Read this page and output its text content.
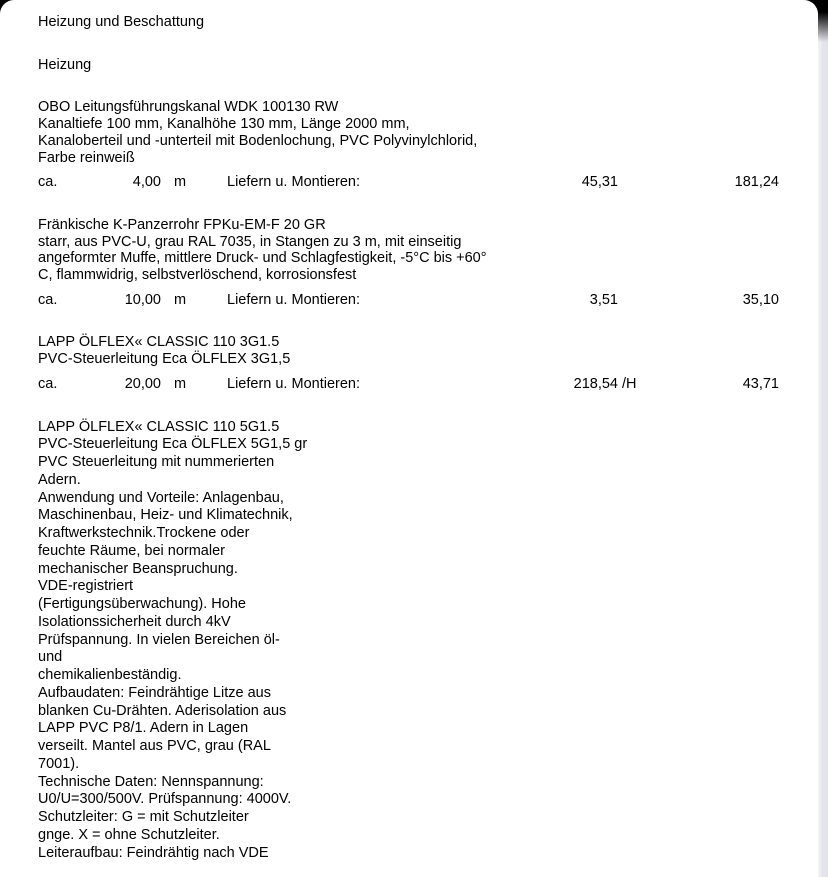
Heizung und Beschattung
Heizung
OBO Leitungsführungskanal WDK 100130 RW
Kanaltiefe 100 mm, Kanalhöhe 130 mm, Länge 2000 mm,
Kanaloberteil und -unterteil mit Bodenlochung, PVC Polyvinylchlorid,
Farbe reinweiß
ca.	4,00 m	Liefern u. Montieren:	45,31	181,24
Fränkische K-Panzerrohr FPKu-EM-F 20 GR
starr, aus PVC-U, grau RAL 7035, in Stangen zu 3 m, mit einseitig
angeformter Muffe, mittlere Druck- und Schlagfestigkeit, -5°C bis +60°
C, flammwidrig, selbstverlöschend, korrosionsfest
ca.	10,00 m	Liefern u. Montieren:	3,51	35,10
LAPP ÖLFLEX« CLASSIC 110 3G1.5
PVC-Steuerleitung Eca ÖLFLEX 3G1,5
ca.	20,00 m	Liefern u. Montieren:	218,54 /H	43,71
LAPP ÖLFLEX« CLASSIC 110 5G1.5
PVC-Steuerleitung Eca ÖLFLEX 5G1,5 gr
PVC Steuerleitung mit nummerierten
Adern.
Anwendung und Vorteile: Anlagenbau,
Maschinenbau, Heiz- und Klimatechnik,
Kraftwerkstechnik.Trockene oder
feuchte Räume, bei normaler
mechanischer Beanspruchung.
VDE-registriert
(Fertigungsüberwachung). Hohe
Isolationssicherheit durch 4kV
Prüfspannung. In vielen Bereichen öl-
und
chemikalienbeständig.
Aufbaudaten: Feindrähtige Litze aus
blanken Cu-Drähten. Aderisolation aus
LAPP PVC P8/1. Adern in Lagen
verseilt. Mantel aus PVC, grau (RAL
7001).
Technische Daten: Nennspannung:
U0/U=300/500V. Prüfspannung: 4000V.
Schutzleiter: G = mit Schutzleiter
gnge. X = ohne Schutzleiter.
Leiteraufbau: Feindrähtig nach VDE
